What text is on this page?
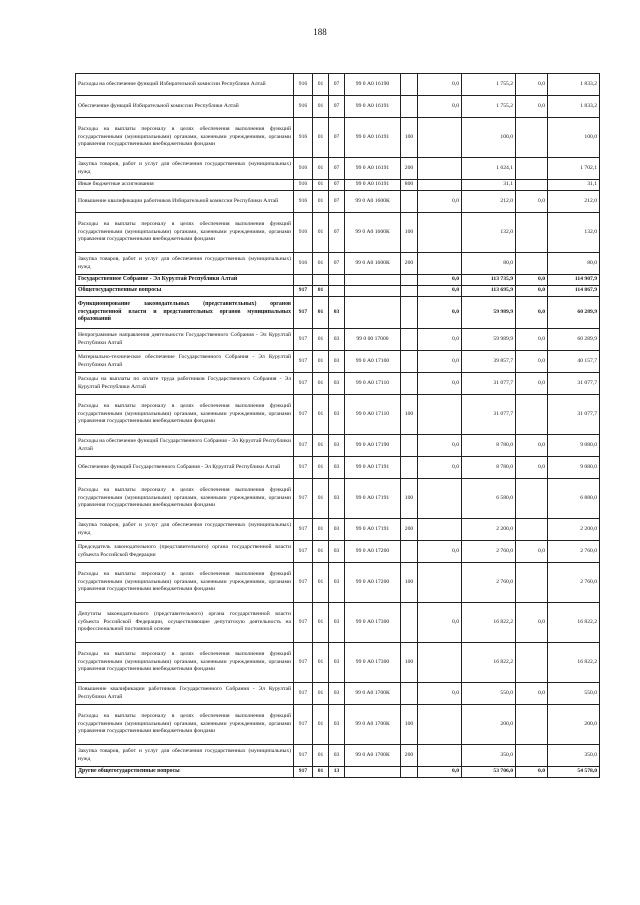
188
Расходы на обеспечение функций Избирательной комиссии Республики Алтай	916	01	07	99 0 А0 16190		0,0	1 755,2	0,0	1 833,2
Обеспечение функций Избирательной комиссии Республики Алтай	916	01	07	99 0 А0 16191		0,0	1 755,2	0,0	1 833,2
Расходы на выплаты персоналу в целях обеспечения выполнения функций государственными (муниципальными) органами, казенными учреждениями, органами управления государственными внебюджетными фондами	916	01	07	99 0 А0 16191	100		100,0		100,0
Закупка товаров, работ и услуг для обеспечения государственных (муниципальных) нужд	916	01	07	99 0 А0 16191	200		1 624,1		1 702,1
Иные бюджетные ассигнования	916	01	07	99 0 А0 16191	800		31,1		31,1
Повышение квалификации работников Избирательной комиссии Республики Алтай	916	01	07	99 0 А0 1600К		0,0	212,0	0,0	212,0
Расходы на выплаты персоналу в целях обеспечения выполнения функций государственными (муниципальными) органами, казенными учреждениями, органами управления государственными внебюджетными фондами	916	01	07	99 0 А0 1600К	100		132,0		132,0
Закупка товаров, работ и услуг для обеспечения государственных (муниципальных) нужд	916	01	07	99 0 А0 1600К	200		80,0		80,0
Государственное Собрание - Эл Курултай Республики Алтай						0,0	113 735,9	0,0	114 907,9
Общегосударственные вопросы	917	01				0,0	113 695,9	0,0	114 867,9
Функционирование законодательных (представительных) органов государственной власти и представительных органов муниципальных образований	917	01	03			0,0	59 989,9	0,0	60 289,9
Непрограммные направления деятельности Государственного Собрания - Эл Курултай Республики Алтай	917	01	03	99 0 00 17000		0,0	59 989,9	0,0	60 289,9
Материально-техническое обеспечение Государственного Собрания - Эл Курултай Республики Алтай	917	01	03	99 0 А0 17100		0,0	39 857,7	0,0	40 157,7
Расходы на выплаты по оплате труда работников Государственного Собрания - Эл Курултай Республики Алтай	917	01	03	99 0 А0 17110		0,0	31 077,7	0,0	31 077,7
Расходы на выплаты персоналу в целях обеспечения выполнения функций государственными (муниципальными) органами, казенными учреждениями, органами управления государственными внебюджетными фондами	917	01	03	99 0 А0 17110	100		31 077,7		31 077,7
Расходы на обеспечение функций Государственного Собрания - Эл Курултай Республики Алтай	917	01	03	99 0 А0 17190		0,0	8 780,0	0,0	9 080,0
Обеспечение функций Государственного Собрания - Эл Курултай Республики Алтай	917	01	03	99 0 А0 17191		0,0	8 780,0	0,0	9 080,0
Расходы на выплаты персоналу в целях обеспечения выполнения функций государственными (муниципальными) органами, казенными учреждениями, органами управления государственными внебюджетными фондами	917	01	03	99 0 А0 17191	100		6 580,0		6 880,0
Закупка товаров, работ и услуг для обеспечения государственных (муниципальных) нужд	917	01	03	99 0 А0 17191	200		2 200,0		2 200,0
Председатель законодательного (представительного) органа государственной власти субъекта Российской Федерации	917	01	03	99 0 А0 17200		0,0	2 760,0	0,0	2 760,0
Расходы на выплаты персоналу в целях обеспечения выполнения функций государственными (муниципальными) органами, казенными учреждениями, органами управления государственными внебюджетными фондами	917	01	03	99 0 А0 17200	100		2 760,0		2 760,0
Депутаты законодательного (представительного) органа государственной власти субъекта Российской Федерации, осуществляющие депутатскую деятельность на профессиональной постоянной основе	917	01	03	99 0 А0 17300		0,0	16 822,2	0,0	16 822,2
Расходы на выплаты персоналу в целях обеспечения выполнения функций государственными (муниципальными) органами, казенными учреждениями, органами управления государственными внебюджетными фондами	917	01	03	99 0 А0 17300	100		16 822,2		16 822,2
Повышение квалификации работников Государственного Собрания - Эл Курултай Республики Алтай	917	01	03	99 0 А0 1700К		0,0	550,0	0,0	550,0
Расходы на выплаты персоналу в целях обеспечения выполнения функций государственными (муниципальными) органами, казенными учреждениями, органами управления государственными внебюджетными фондами	917	01	03	99 0 А0 1700К	100		200,0		200,0
Закупка товаров, работ и услуг для обеспечения государственных (муниципальных) нужд	917	01	03	99 0 А0 1700К	200		350,0		350,0
Другие общегосударственные вопросы	917	01	13			0,0	53 706,0	0,0	54 578,0
